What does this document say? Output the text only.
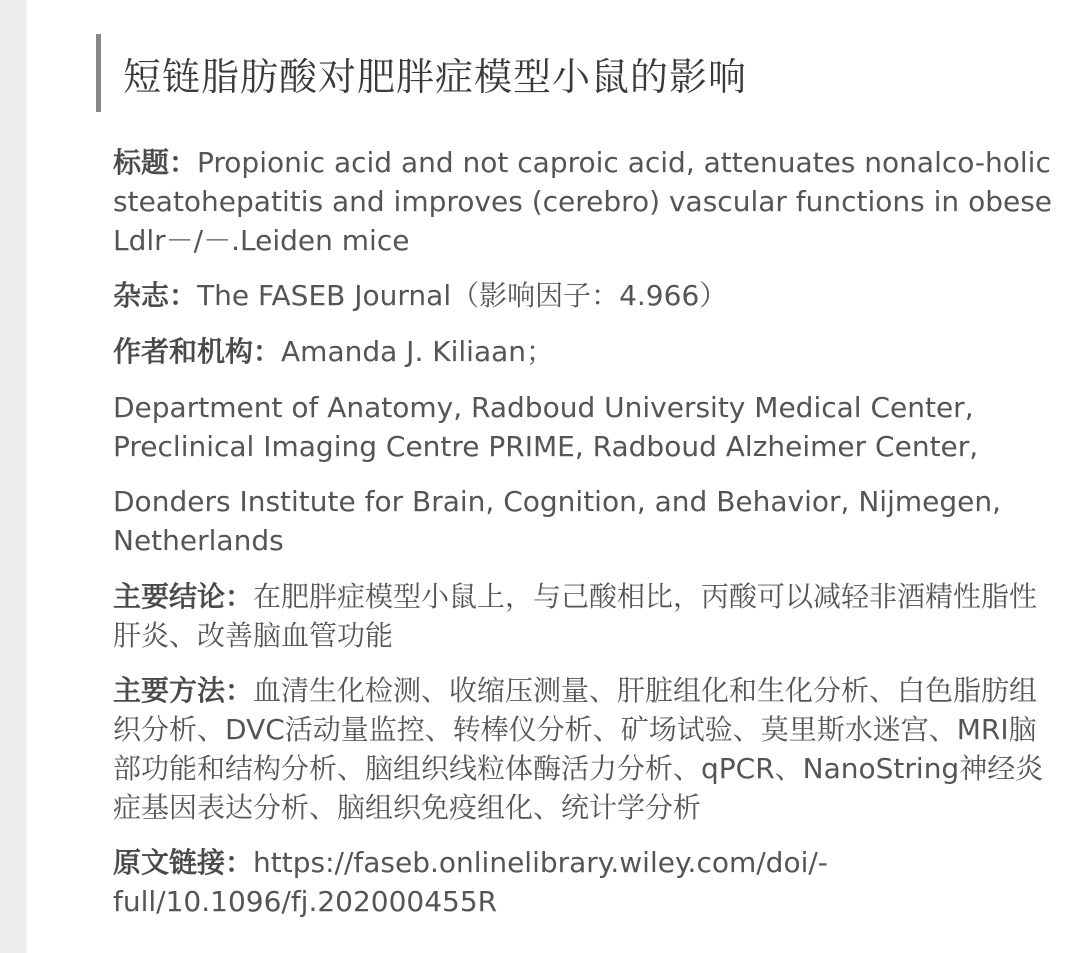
短链脂肪酸对肥胖症模型小鼠的影响
标题：Propionic acid and not caproic acid, attenuates nonalco-holic steatohepatitis and improves (cerebro) vascular functions in obese Ldlr－/－.Leiden mice
杂志：The FASEB Journal（影响因子：4.966）
作者和机构：Amanda J. Kiliaan；
Department of Anatomy, Radboud University Medical Center, Preclinical Imaging Centre PRIME, Radboud Alzheimer Center,
Donders Institute for Brain, Cognition, and Behavior, Nijmegen, Netherlands
主要结论：在肥胖症模型小鼠上，与己酸相比，丙酸可以减轻非酒精性脂性肝炎、改善脑血管功能
主要方法：血清生化检测、收缩压测量、肝脏组化和生化分析、白色脂肪组织分析、DVC活动量监控、转棒仪分析、矿场试验、莫里斯水迷宫、MRI脑部功能和结构分析、脑组织线粒体酶活力分析、qPCR、NanoString神经炎症基因表达分析、脑组织免疫组化、统计学分析
原文链接：https://faseb.onlinelibrary.wiley.com/doi/-full/10.1096/fj.202000455R
